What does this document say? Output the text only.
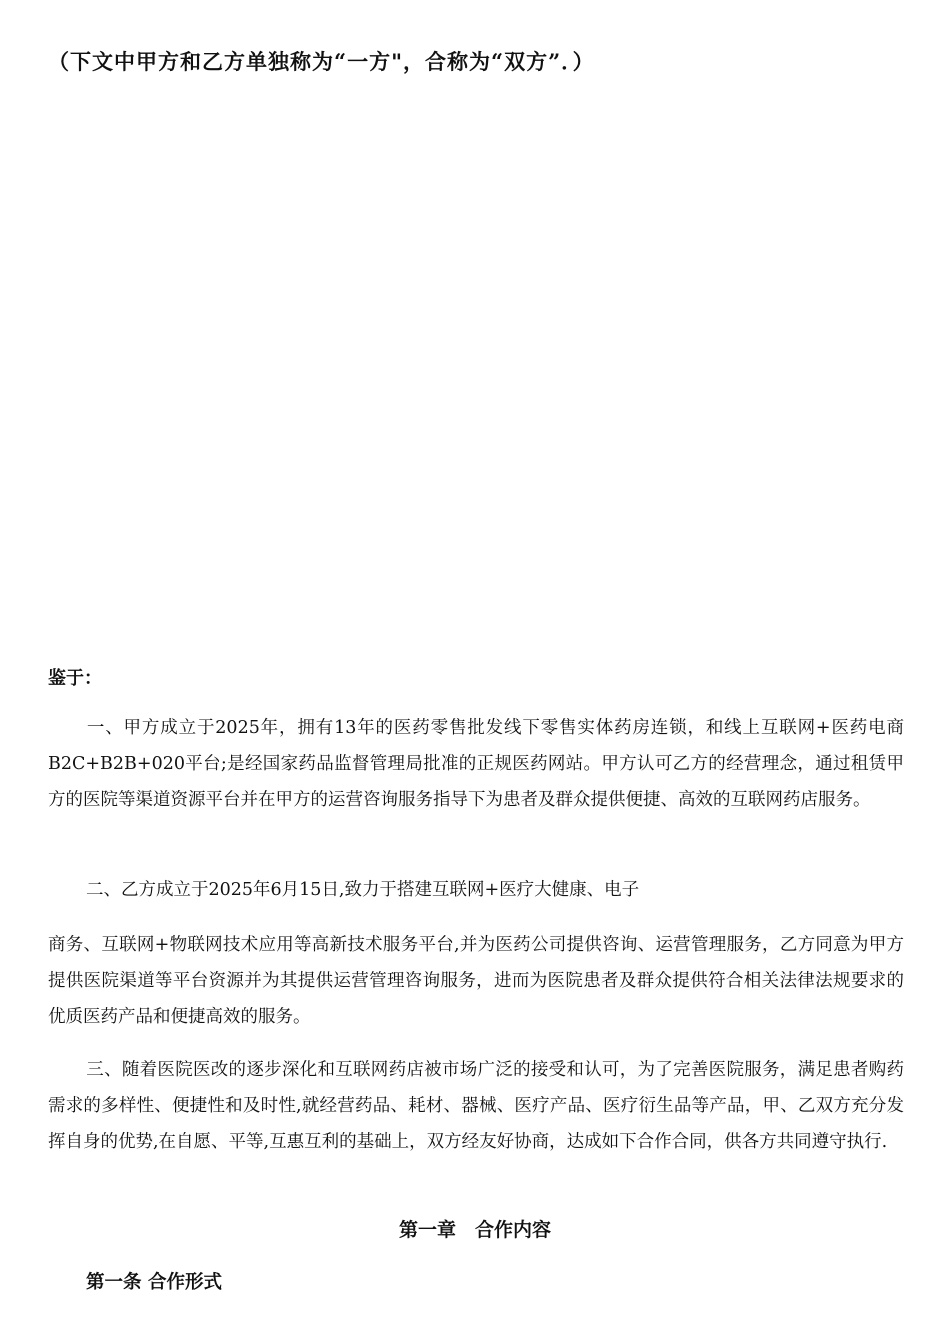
（下文中甲方和乙方单独称为“一方"，合称为“双方”．）
鉴于：

一、甲方成立于2025年，拥有13年的医药零售批发线下零售实体药房连锁，和线上互联网+医药电商B2C+B2B+020平台;是经国家药品监督管理局批准的正规医药网站。甲方认可乙方的经营理念，通过租赁甲方的医院等渠道资源平台并在甲方的运营咨询服务指导下为患者及群众提供便捷、高效的互联网药店服务。

二、乙方成立于2025年6月15日,致力于搭建互联网+医疗大健康、电子

商务、互联网+物联网技术应用等高新技术服务平台,并为医药公司提供咨询、运营管理服务，乙方同意为甲方提供医院渠道等平台资源并为其提供运营管理咨询服务，进而为医院患者及群众提供符合相关法律法规要求的优质医药产品和便捷高效的服务。

三、随着医院医改的逐步深化和互联网药店被市场广泛的接受和认可，为了完善医院服务，满足患者购药需求的多样性、便捷性和及时性,就经营药品、耗材、器械、医疗产品、医疗衍生品等产品，甲、乙双方充分发挥自身的优势,在自愿、平等,互惠互利的基础上，双方经友好协商，达成如下合作合同，供各方共同遵守执行.

第一章　合作内容
第一条 合作形式
